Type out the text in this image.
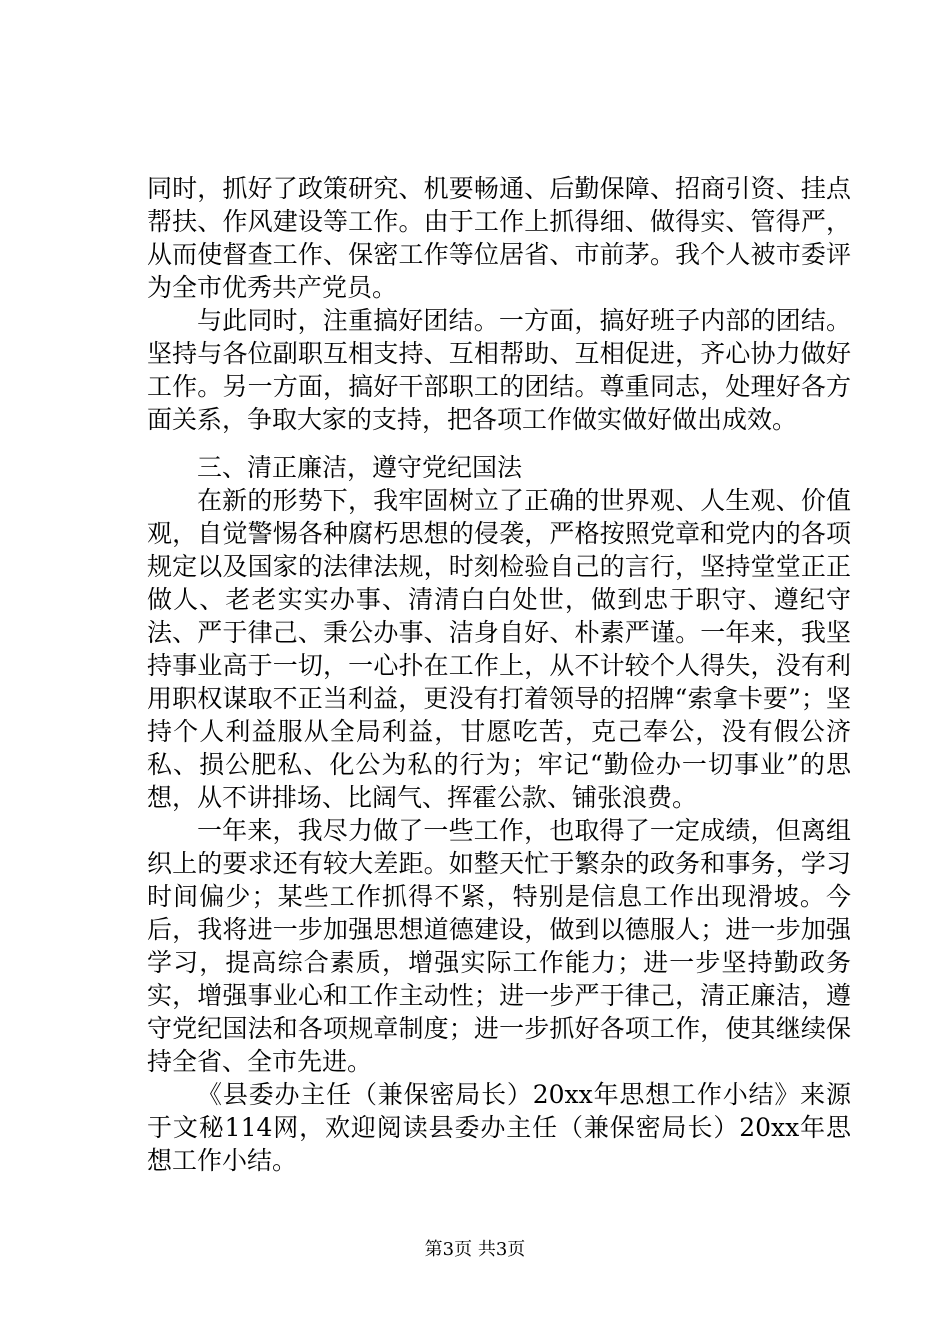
同时，抓好了政策研究、机要畅通、后勤保障、招商引资、挂点帮扶、作风建设等工作。由于工作上抓得细、做得实、管得严，从而使督查工作、保密工作等位居省、市前茅。我个人被市委评为全市优秀共产党员。

与此同时，注重搞好团结。一方面，搞好班子内部的团结。坚持与各位副职互相支持、互相帮助、互相促进，齐心协力做好工作。另一方面，搞好干部职工的团结。尊重同志，处理好各方面关系，争取大家的支持，把各项工作做实做好做出成效。

三、清正廉洁，遵守党纪国法

在新的形势下，我牢固树立了正确的世界观、人生观、价值观，自觉警惕各种腐朽思想的侵袭，严格按照党章和党内的各项规定以及国家的法律法规，时刻检验自己的言行，坚持堂堂正正做人、老老实实办事、清清白白处世，做到忠于职守、遵纪守法、严于律己、秉公办事、洁身自好、朴素严谨。一年来，我坚持事业高于一切，一心扑在工作上，从不计较个人得失，没有利用职权谋取不正当利益，更没有打着领导的招牌“索拿卡要”；坚持个人利益服从全局利益，甘愿吃苦，克己奉公，没有假公济私、损公肥私、化公为私的行为；牢记“勤俭办一切事业”的思想，从不讲排场、比阔气、挥霍公款、铺张浪费。

一年来，我尽力做了一些工作，也取得了一定成绩，但离组织上的要求还有较大差距。如整天忙于繁杂的政务和事务，学习时间偏少；某些工作抓得不紧，特别是信息工作出现滑坡。今后，我将进一步加强思想道德建设，做到以德服人；进一步加强学习，提高综合素质，增强实际工作能力；进一步坚持勤政务实，增强事业心和工作主动性；进一步严于律己，清正廉洁，遵守党纪国法和各项规章制度；进一步抓好各项工作，使其继续保持全省、全市先进。

《县委办主任（兼保密局长）20xx年思想工作小结》来源于文秘114网，欢迎阅读县委办主任（兼保密局长）20xx年思想工作小结。

第3页 共3页
